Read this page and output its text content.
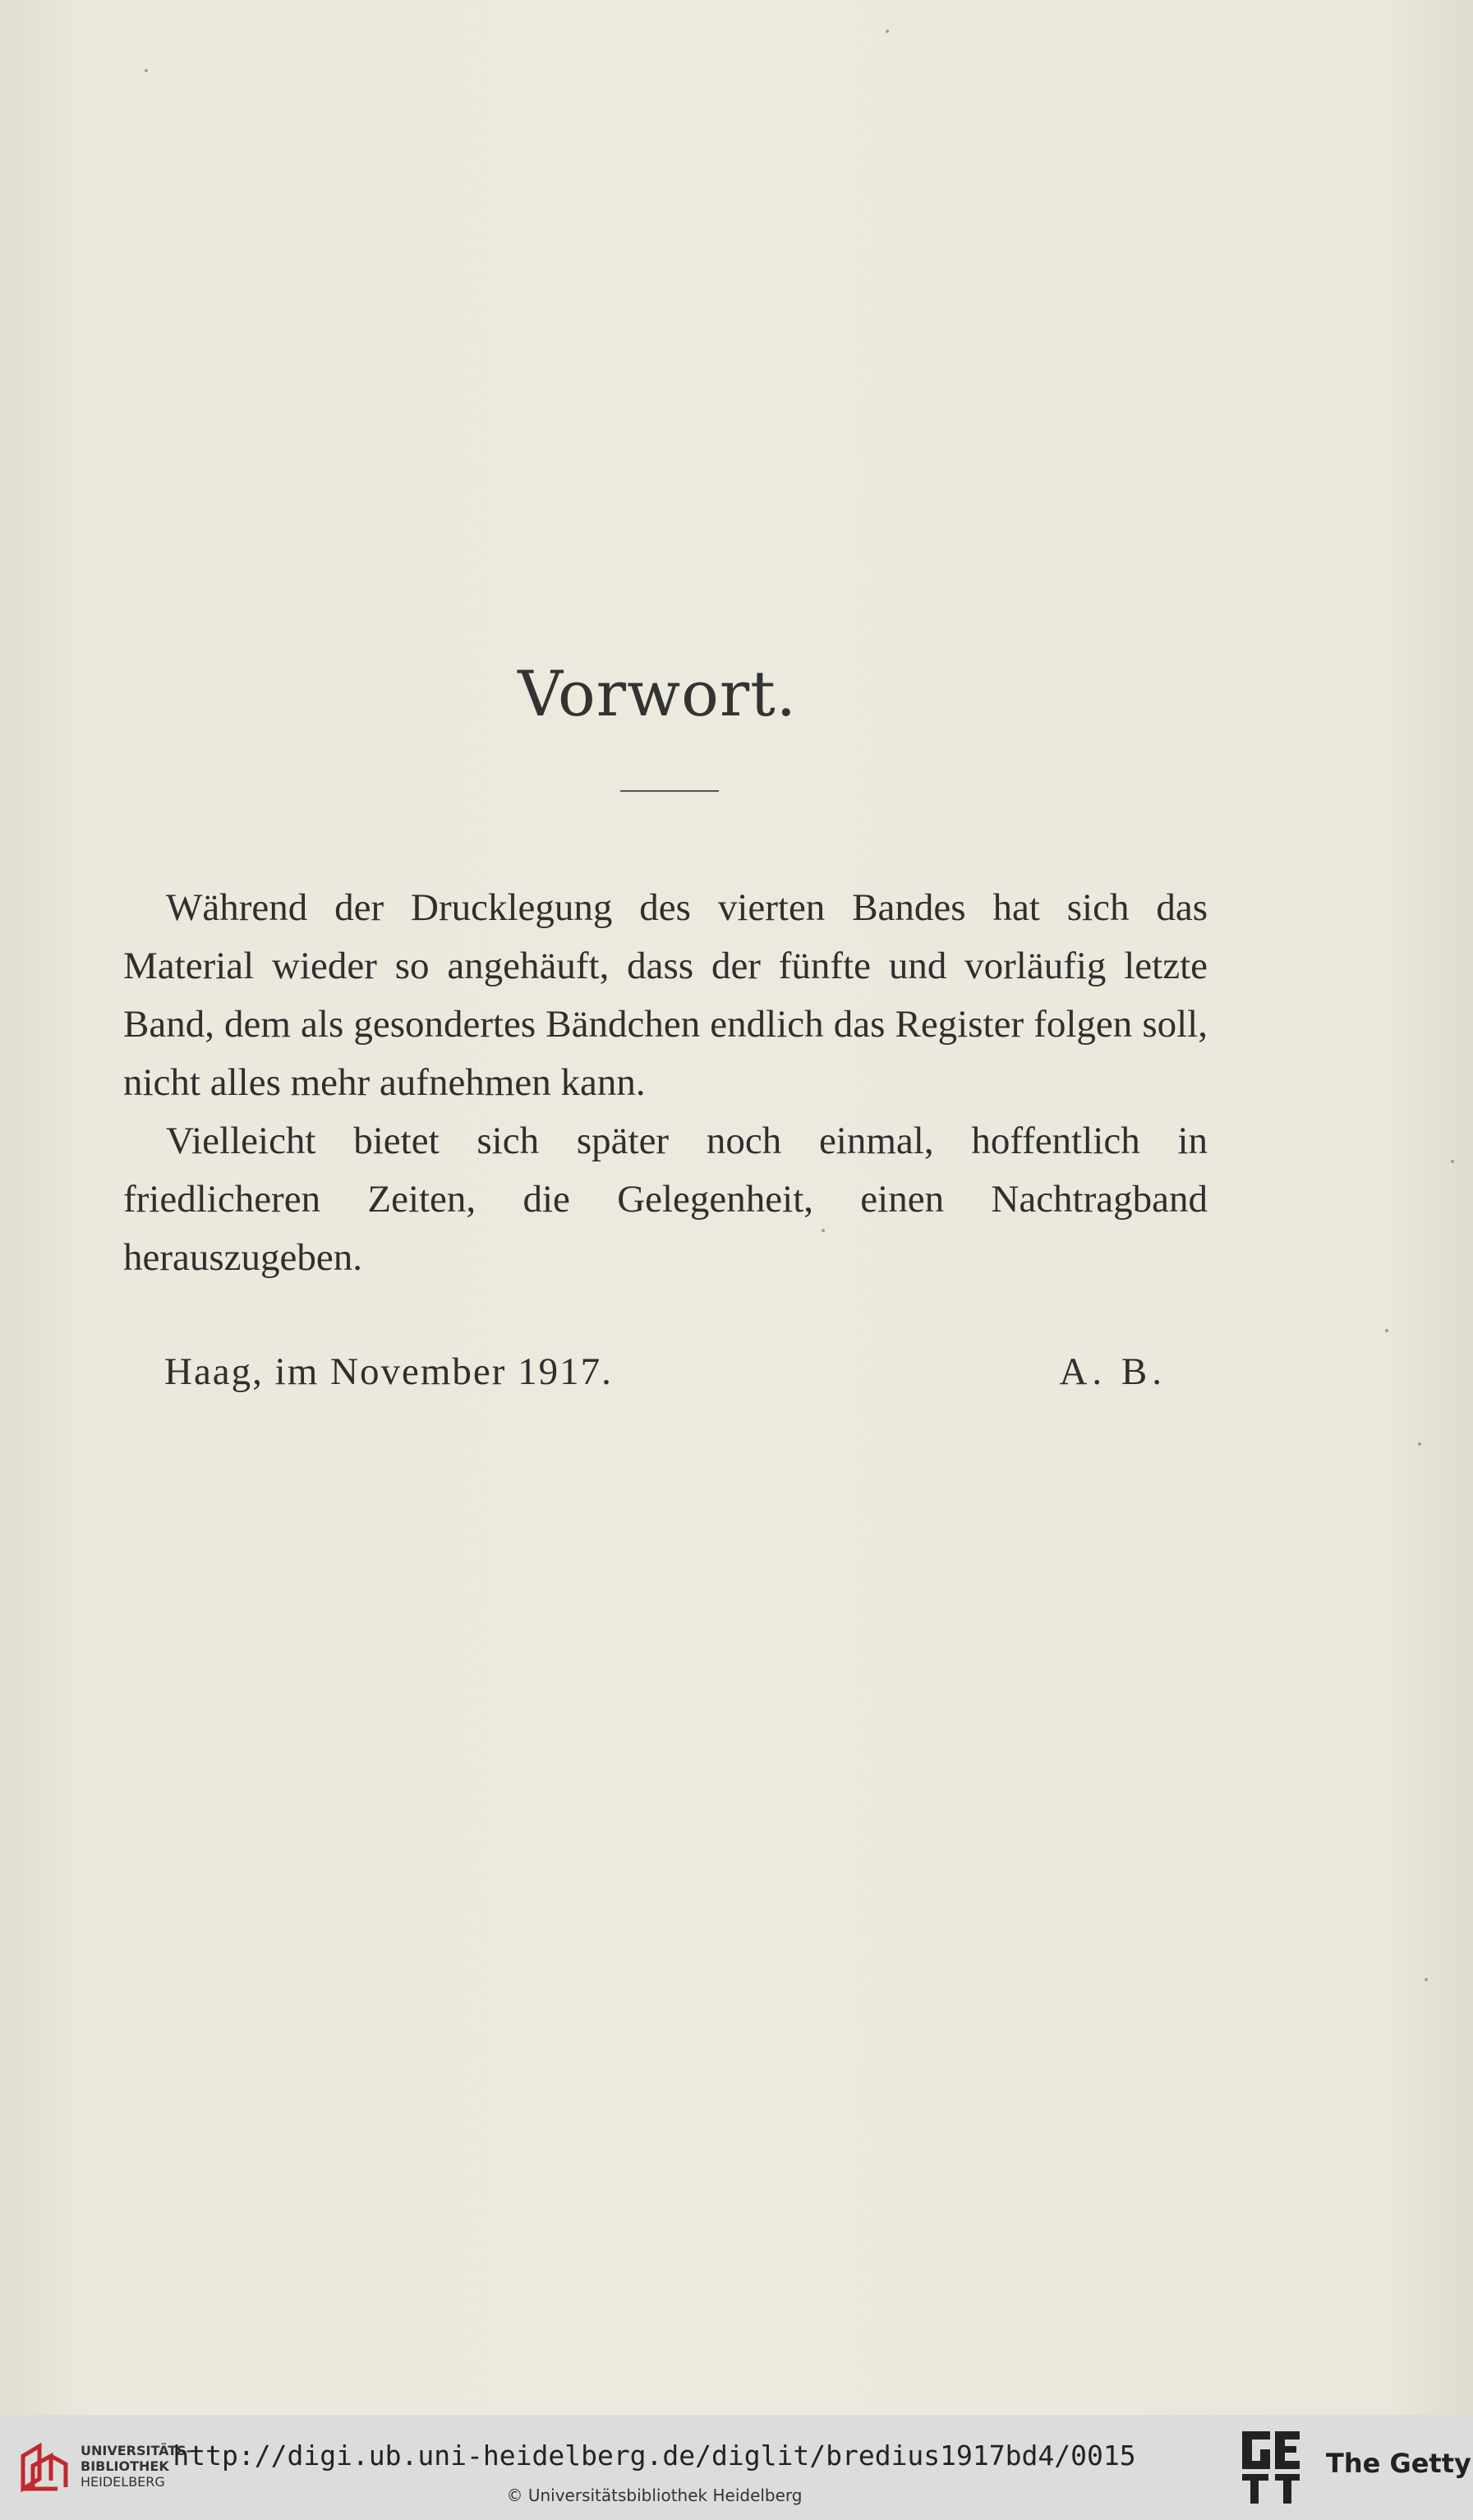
Vorwort.

Während der Drucklegung des vierten Bandes hat sich das Material wieder so angehäuft, dass der fünfte und vorläufig letzte Band, dem als gesondertes Bändchen endlich das Register folgen soll, nicht alles mehr aufnehmen kann.

Vielleicht bietet sich später noch einmal, hoffentlich in friedlicheren Zeiten, die Gelegenheit, einen Nachtragband herauszugeben.

Haag, im November 1917.	A. B.
UNIVERSITÄTS-
BIBLIOTHEK
HEIDELBERG
http://digi.ub.uni-heidelberg.de/diglit/bredius1917bd4/0015
© Universitätsbibliothek Heidelberg
The Getty
